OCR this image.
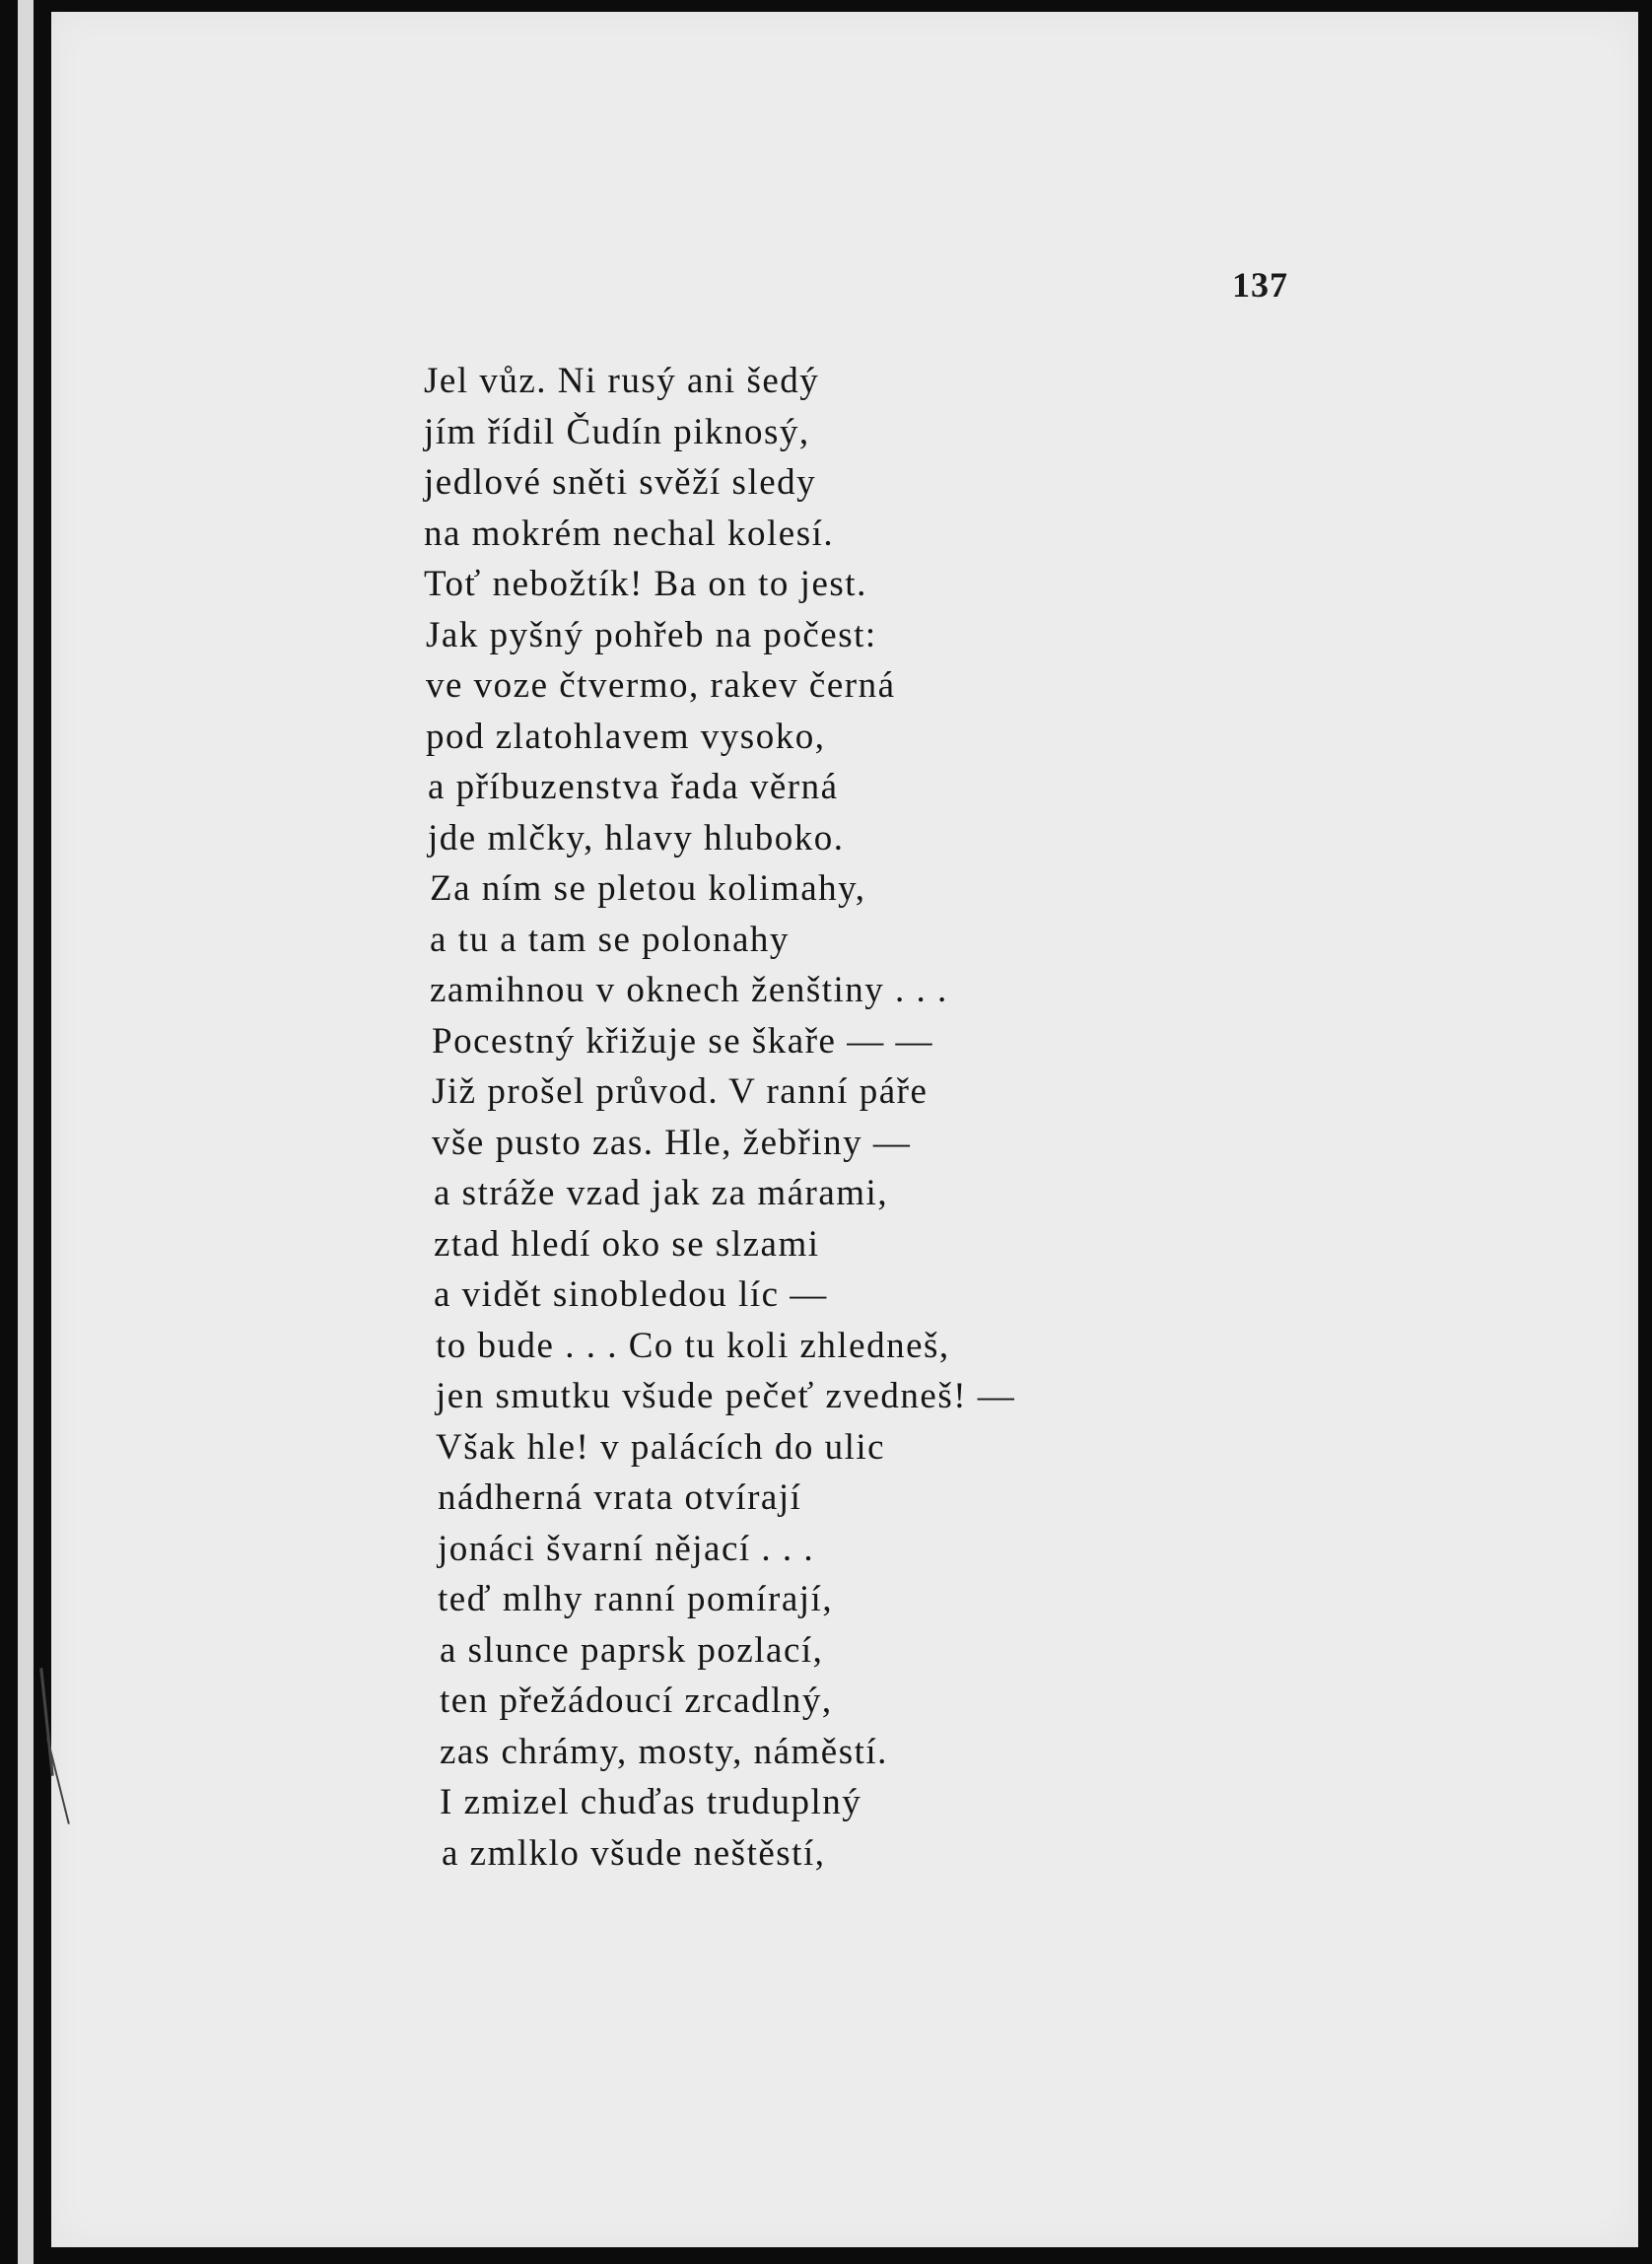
137
Jel vůz. Ni rusý ani šedý
jím řídil Čudín piknosý,
jedlové sněti svěží sledy
na mokrém nechal kolesí.
Toť nebožtík! Ba on to jest.
Jak pyšný pohřeb na počest:
ve voze čtvermo, rakev černá
pod zlatohlavem vysoko,
a příbuzenstva řada věrná
jde mlčky, hlavy hluboko.
Za ním se pletou kolimahy,
a tu a tam se polonahy
zamihnou v oknech ženštiny . . .
Pocestný křižuje se škaře — —
Již prošel průvod. V ranní páře
vše pusto zas. Hle, žebřiny —
a stráže vzad jak za márami,
ztad hledí oko se slzami
a vidět sinobledou líc —
to bude . . . Co tu koli zhledneš,
jen smutku všude pečeť zvedneš! —
Však hle! v palácích do ulic
nádherná vrata otvírají
jonáci švarní nějací . . .
teď mlhy ranní pomírají,
a slunce paprsk pozlací,
ten přežádoucí zrcadlný,
zas chrámy, mosty, náměstí.
I zmizel chuďas truduplný
a zmlklo všude neštěstí,
